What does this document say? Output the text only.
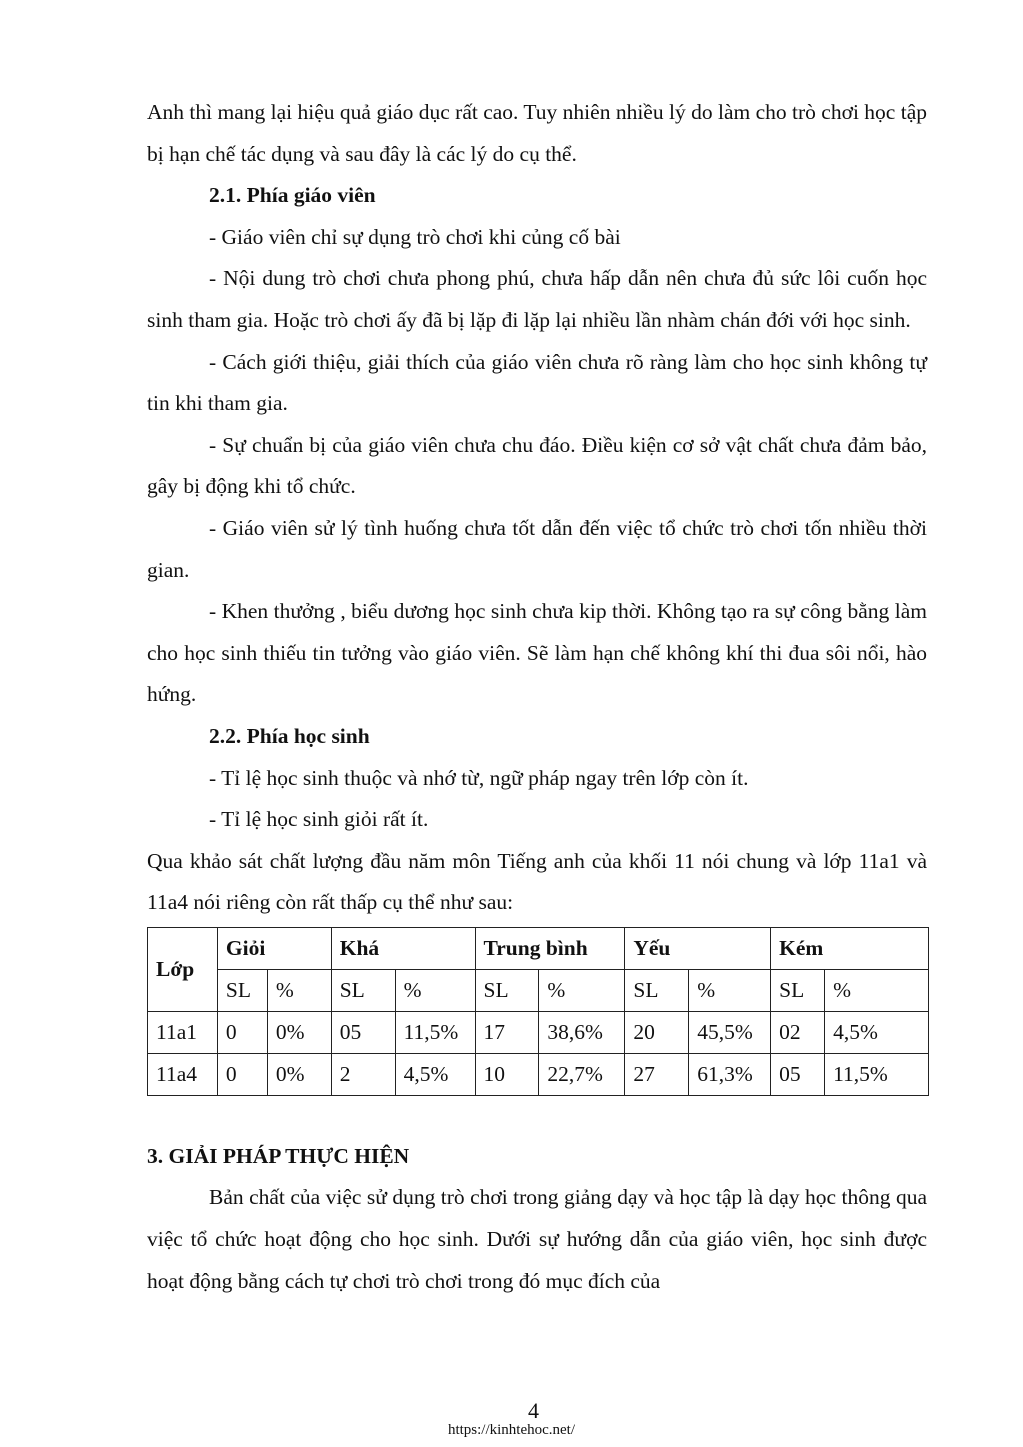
Anh thì mang lại hiệu quả giáo dục rất cao. Tuy nhiên nhiều lý do làm cho trò chơi học tập bị hạn chế tác dụng và sau đây là các lý do cụ thể.

2.1. Phía giáo viên

- Giáo viên chỉ sự dụng trò chơi khi củng cố bài

- Nội dung trò chơi chưa phong phú, chưa hấp dẫn nên chưa đủ sức lôi cuốn học sinh tham gia. Hoặc trò chơi ấy đã bị lặp đi lặp lại nhiều lần nhàm chán đới với học sinh.

- Cách giới thiệu, giải thích của giáo viên chưa rõ ràng làm cho học sinh không tự tin khi tham gia.

- Sự chuẩn bị của giáo viên chưa chu đáo. Điều kiện cơ sở vật chất chưa đảm bảo, gây bị động khi tổ chức.

- Giáo viên sử lý tình huống chưa tốt dẫn đến việc tổ chức trò chơi tốn nhiều thời gian.

- Khen thưởng , biểu dương học sinh chưa kip thời. Không tạo ra sự công bằng làm cho học sinh thiếu tin tưởng vào giáo viên. Sẽ làm hạn chế không khí thi đua sôi nổi, hào hứng.

2.2. Phía học sinh

- Tỉ lệ học sinh thuộc và nhớ từ, ngữ pháp ngay trên lớp còn ít.

- Tỉ lệ học sinh giỏi rất ít.

Qua khảo sát chất lượng đầu năm môn Tiếng anh của khối 11 nói chung và lớp 11a1 và 11a4 nói riêng còn rất thấp cụ thể như sau:

Lớp	Giỏi		Khá		Trung bình		Yếu		Kém	
	SL	%	SL	%	SL	%	SL	%	SL	%
11a1	0	0%	05	11,5%	17	38,6%	20	45,5%	02	4,5%
11a4	0	0%	2	4,5%	10	22,7%	27	61,3%	05	11,5%

3. GIẢI PHÁP THỰC HIỆN

Bản chất của việc sử dụng trò chơi trong giảng dạy và học tập là dạy học thông qua việc tổ chức hoạt động cho học sinh. Dưới sự hướng dẫn của giáo viên, học sinh được hoạt động bằng cách tự chơi trò chơi trong đó mục đích của

4
https://kinhtehoc.net/
